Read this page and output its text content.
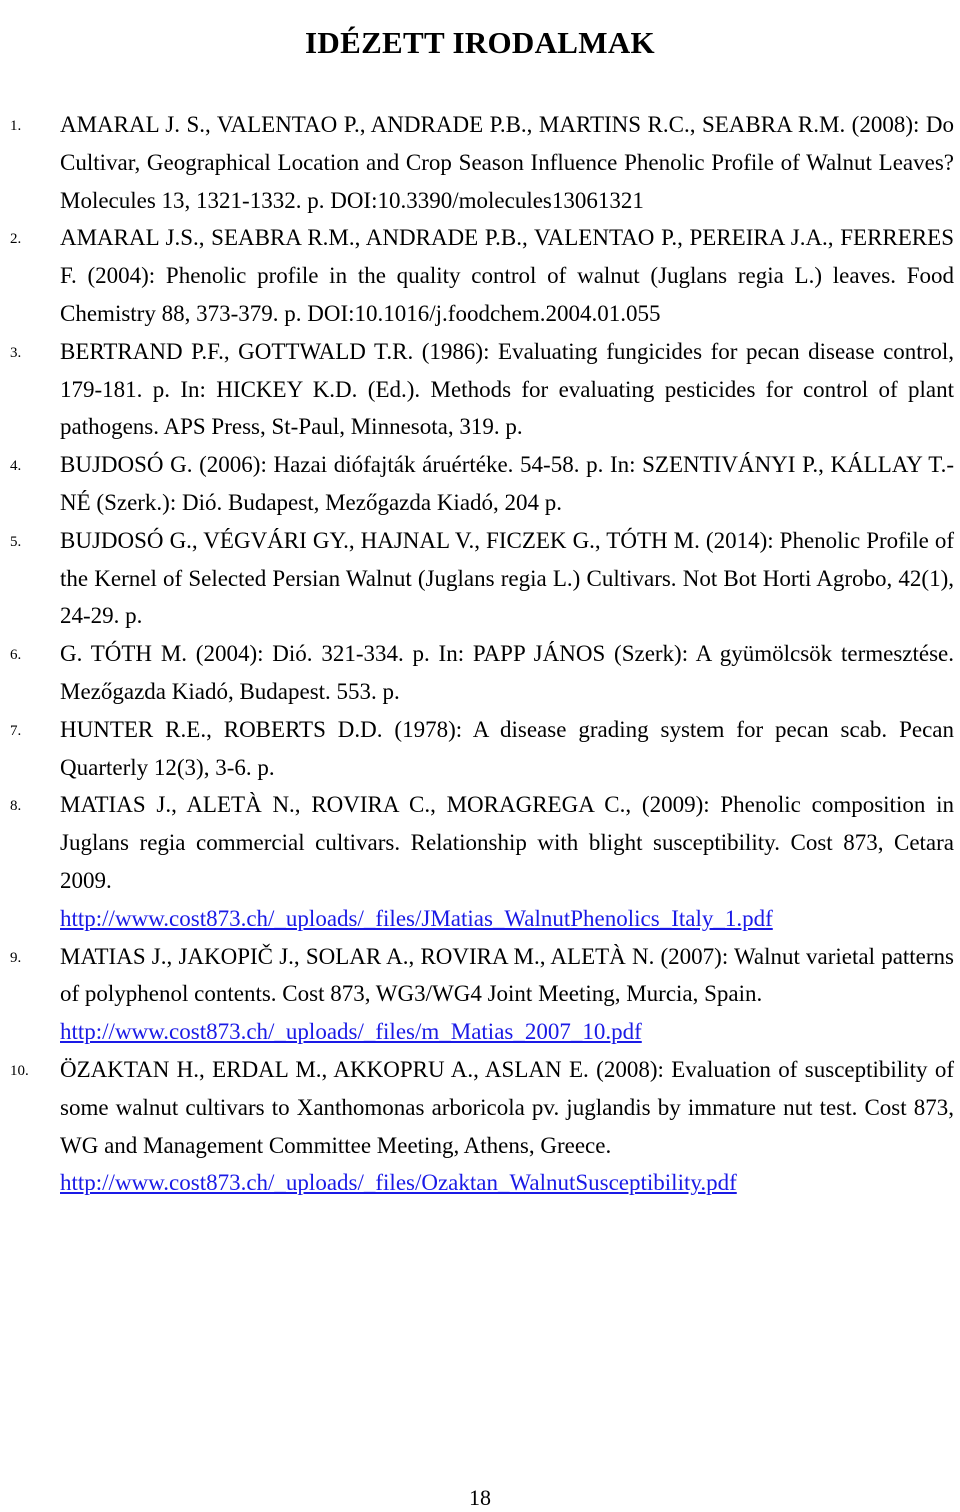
IDÉZETT IRODALMAK
1. AMARAL J. S., VALENTAO P., ANDRADE P.B., MARTINS R.C., SEABRA R.M. (2008): Do Cultivar, Geographical Location and Crop Season Influence Phenolic Profile of Walnut Leaves? Molecules 13, 1321-1332. p. DOI:10.3390/molecules13061321
2. AMARAL J.S., SEABRA R.M., ANDRADE P.B., VALENTAO P., PEREIRA J.A., FERRERES F. (2004): Phenolic profile in the quality control of walnut (Juglans regia L.) leaves. Food Chemistry 88, 373-379. p. DOI:10.1016/j.foodchem.2004.01.055
3. BERTRAND P.F., GOTTWALD T.R. (1986): Evaluating fungicides for pecan disease control, 179-181. p. In: HICKEY K.D. (Ed.). Methods for evaluating pesticides for control of plant pathogens. APS Press, St-Paul, Minnesota, 319. p.
4. BUJDOSÓ G. (2006): Hazai diófajták áruértéke. 54-58. p. In: SZENTIVÁNYI P., KÁLLAY T.-NÉ (Szerk.): Dió. Budapest, Mezőgazda Kiadó, 204 p.
5. BUJDOSÓ G., VÉGVÁRI GY., HAJNAL V., FICZEK G., TÓTH M. (2014): Phenolic Profile of the Kernel of Selected Persian Walnut (Juglans regia L.) Cultivars. Not Bot Horti Agrobo, 42(1), 24-29. p.
6. G. TÓTH M. (2004): Dió. 321-334. p. In: PAPP JÁNOS (Szerk): A gyümölcsök termesztése. Mezőgazda Kiadó, Budapest. 553. p.
7. HUNTER R.E., ROBERTS D.D. (1978): A disease grading system for pecan scab. Pecan Quarterly 12(3), 3-6. p.
8. MATIAS J., ALETÀ N., ROVIRA C., MORAGREGA C., (2009): Phenolic composition in Juglans regia commercial cultivars. Relationship with blight susceptibility. Cost 873, Cetara 2009.
http://www.cost873.ch/_uploads/_files/JMatias_WalnutPhenolics_Italy_1.pdf
9. MATIAS J., JAKOPIČ J., SOLAR A., ROVIRA M., ALETÀ N. (2007): Walnut varietal patterns of polyphenol contents. Cost 873, WG3/WG4 Joint Meeting, Murcia, Spain.
http://www.cost873.ch/_uploads/_files/m_Matias_2007_10.pdf
10. ÖZAKTAN H., ERDAL M., AKKOPRU A., ASLAN E. (2008): Evaluation of susceptibility of some walnut cultivars to Xanthomonas arboricola pv. juglandis by immature nut test. Cost 873, WG and Management Committee Meeting, Athens, Greece.
http://www.cost873.ch/_uploads/_files/Ozaktan_WalnutSusceptibility.pdf
18
